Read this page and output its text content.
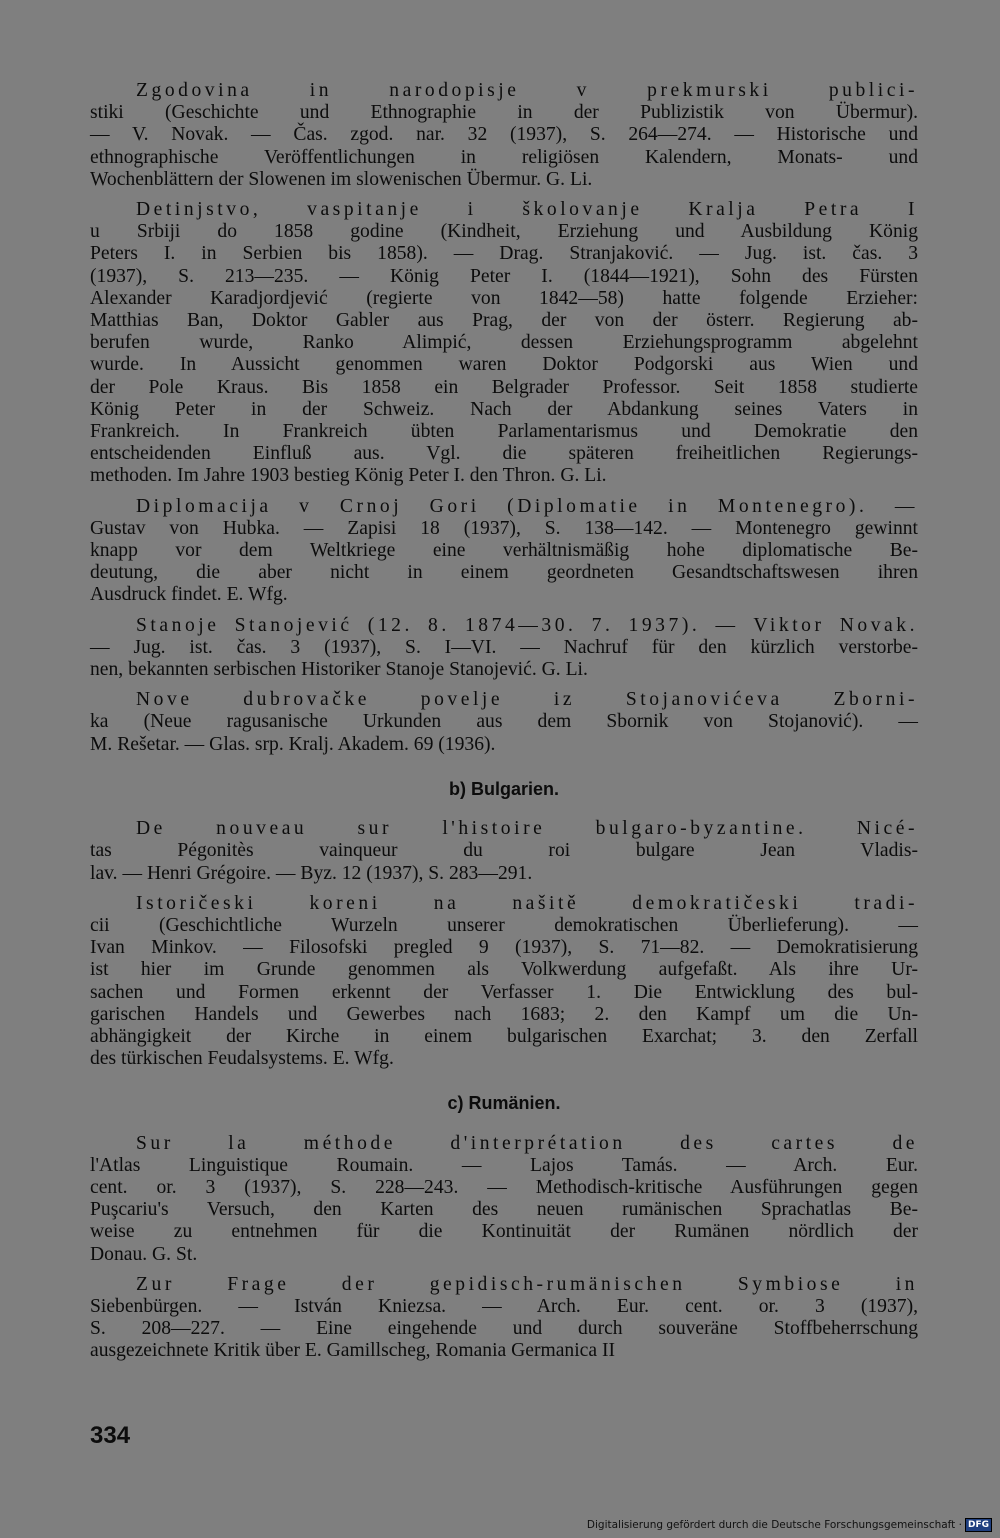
Zgodovina in narodopisje v prekmurski publici-
stiki (Geschichte und Ethnographie in der Publizistik von Übermur).
— V. Novak. — Čas. zgod. nar. 32 (1937), S. 264—274. — Historische und
ethnographische Veröffentlichungen in religiösen Kalendern, Monats- und
Wochenblättern der Slowenen im slowenischen Übermur. G. Li.
Detinjstvo, vaspitanje i školovanje Kralja Petra I
u Srbiji do 1858 godine (Kindheit, Erziehung und Ausbildung König
Peters I. in Serbien bis 1858). — Drag. Stranjaković. — Jug. ist. čas. 3
(1937), S. 213—235. — König Peter I. (1844—1921), Sohn des Fürsten
Alexander Karadjordjević (regierte von 1842—58) hatte folgende Erzieher:
Matthias Ban, Doktor Gabler aus Prag, der von der österr. Regierung ab-
berufen wurde, Ranko Alimpić, dessen Erziehungsprogramm abgelehnt
wurde. In Aussicht genommen waren Doktor Podgorski aus Wien und
der Pole Kraus. Bis 1858 ein Belgrader Professor. Seit 1858 studierte
König Peter in der Schweiz. Nach der Abdankung seines Vaters in
Frankreich. In Frankreich übten Parlamentarismus und Demokratie den
entscheidenden Einfluß aus. Vgl. die späteren freiheitlichen Regierungs-
methoden. Im Jahre 1903 bestieg König Peter I. den Thron. G. Li.
Diplomacija v Crnoj Gori (Diplomatie in Montenegro). —
Gustav von Hubka. — Zapisi 18 (1937), S. 138—142. — Montenegro gewinnt
knapp vor dem Weltkriege eine verhältnismäßig hohe diplomatische Be-
deutung, die aber nicht in einem geordneten Gesandtschaftswesen ihren
Ausdruck findet. E. Wfg.
Stanoje Stanojević (12. 8. 1874—30. 7. 1937). — Viktor Novak.
— Jug. ist. čas. 3 (1937), S. I—VI. — Nachruf für den kürzlich verstorbe-
nen, bekannten serbischen Historiker Stanoje Stanojević. G. Li.
Nove dubrovačke povelje iz Stojanovićeva Zborni-
ka (Neue ragusanische Urkunden aus dem Sbornik von Stojanović). —
M. Rešetar. — Glas. srp. Kralj. Akadem. 69 (1936).
b) Bulgarien.
De nouveau sur l'histoire bulgaro-byzantine. Nicé-
tas Pégonitès vainqueur du roi bulgare Jean Vladis-
lav. — Henri Grégoire. — Byz. 12 (1937), S. 283—291.
Istoričeski koreni na našitě demokratičeski tradi-
cii (Geschichtliche Wurzeln unserer demokratischen Überlieferung). —
Ivan Minkov. — Filosofski pregled 9 (1937), S. 71—82. — Demokratisierung
ist hier im Grunde genommen als Volkwerdung aufgefaßt. Als ihre Ur-
sachen und Formen erkennt der Verfasser 1. Die Entwicklung des bul-
garischen Handels und Gewerbes nach 1683; 2. den Kampf um die Un-
abhängigkeit der Kirche in einem bulgarischen Exarchat; 3. den Zerfall
des türkischen Feudalsystems. E. Wfg.
c) Rumänien.
Sur la méthode d'interprétation des cartes de
l'Atlas Linguistique Roumain. — Lajos Tamás. — Arch. Eur.
cent. or. 3 (1937), S. 228—243. — Methodisch-kritische Ausführungen gegen
Puşcariu's Versuch, den Karten des neuen rumänischen Sprachatlas Be-
weise zu entnehmen für die Kontinuität der Rumänen nördlich der
Donau. G. St.
Zur Frage der gepidisch-rumänischen Symbiose in
Siebenbürgen. — István Kniezsa. — Arch. Eur. cent. or. 3 (1937),
S. 208—227. — Eine eingehende und durch souveräne Stoffbeherrschung
ausgezeichnete Kritik über E. Gamillscheg, Romania Germanica II
334
Digitalisierung gefördert durch die Deutsche Forschungsgemeinschaft · DFG
